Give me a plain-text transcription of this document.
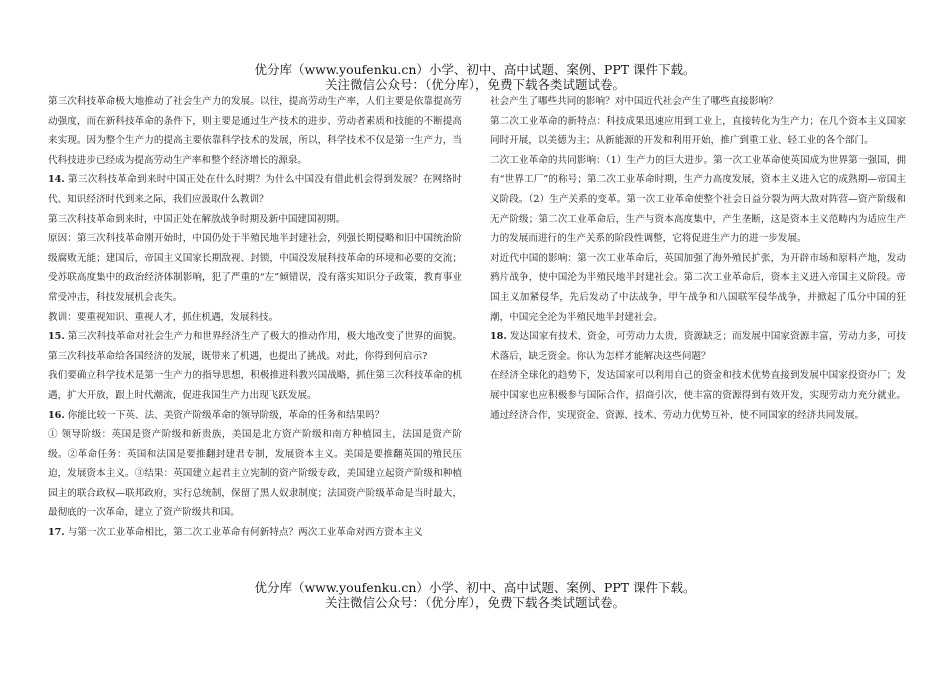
优分库（www.youfenku.cn）小学、初中、高中试题、案例、PPT 课件下载。
关注微信公众号：（优分库），免费下载各类试题试卷。

第三次科技革命极大地推动了社会生产力的发展。以往，提高劳动生产率，人们主要是依靠提高劳动强度，而在新科技革命的条件下，则主要是通过生产技术的进步、劳动者素质和技能的不断提高来实现。因为整个生产力的提高主要依靠科学技术的发展，所以，科学技术不仅是第一生产力，当代科技进步已经成为提高劳动生产率和整个经济增长的源泉。

14. 第三次科技革命到来时中国正处在什么时期？为什么中国没有借此机会得到发展？在网络时代、知识经济时代到来之际，我们应汲取什么教训？

第三次科技革命到来时，中国正处在解放战争时期及新中国建国初期。

原因：第三次科技革命刚开始时，中国仍处于半殖民地半封建社会，列强长期侵略和旧中国统治阶级腐败无能；建国后，帝国主义国家长期敌视、封锁，中国没发展科技革命的环境和必要的交流；受苏联高度集中的政治经济体制影响，犯了严重的“左”倾错误，没有落实知识分子政策，教育事业常受冲击，科技发展机会丧失。

教训：要重视知识、重视人才，抓住机遇，发展科技。

15. 第三次科技革命对社会生产力和世界经济生产了极大的推动作用，极大地改变了世界的面貌。第三次科技革命给各国经济的发展，既带来了机遇，也提出了挑战。对此，你得到何启示?

我们要确立科学技术是第一生产力的指导思想，积极推进科教兴国战略，抓住第三次科技革命的机遇，扩大开放，跟上时代潮流，促进我国生产力出现飞跃发展。

16. 你能比较一下英、法、美资产阶级革命的领导阶级，革命的任务和结果吗？

① 领导阶级：英国是资产阶级和新贵族，美国是北方资产阶级和南方种植园主，法国是资产阶级。②革命任务：英国和法国是要推翻封建君专制，发展资本主义。美国是要推翻英国的殖民压迫，发展资本主义。③结果：英国建立起君主立宪制的资产阶级专政，美国建立起资产阶级和种植园主的联合政权—联邦政府，实行总统制，保留了黑人奴隶制度；法国资产阶级革命是当时最大，最彻底的一次革命，建立了资产阶级共和国。

17. 与第一次工业革命相比，第二次工业革命有何新特点？两次工业革命对西方资本主义

社会产生了哪些共同的影响？对中国近代社会产生了哪些直接影响？

第二次工业革命的新特点：科技成果迅速应用到工业上，直接转化为生产力；在几个资本主义国家同时开展，以美德为主；从新能源的开发和利用开始，推广到重工业、轻工业的各个部门。

二次工业革命的共同影响：（1）生产力的巨大进步。第一次工业革命使英国成为世界第一强国，拥有“世界工厂”的称号；第二次工业革命时期，生产力高度发展，资本主义进入它的成熟期—帝国主义阶段。（2）生产关系的变革。第一次工业革命使整个社会日益分裂为两大敌对阵营—资产阶级和无产阶级；第二次工业革命后，生产与资本高度集中，产生垄断，这是资本主义范畴内为适应生产力的发展而进行的生产关系的阶段性调整，它将促进生产力的进一步发展。

对近代中国的影响：第一次工业革命后，英国加强了海外殖民扩张，为开辟市场和原料产地，发动鸦片战争，使中国沦为半殖民地半封建社会。第二次工业革命后，资本主义进入帝国主义阶段。帝国主义加紧侵华，先后发动了中法战争，甲午战争和八国联军侵华战争，并掀起了瓜分中国的狂潮，中国完全沦为半殖民地半封建社会。

18. 发达国家有技术、资金，可劳动力太贵，资源缺乏；而发展中国家资源丰富，劳动力多，可技术落后，缺乏资金。你认为怎样才能解决这些问题？

在经济全球化的趋势下，发达国家可以利用自己的资金和技术优势直接到发展中国家投资办厂；发展中国家也应积极参与国际合作，招商引次，使丰富的资源得到有效开发，实现劳动力充分就业。通过经济合作，实现资金、资源、技术、劳动力优势互补，使不同国家的经济共同发展。

优分库（www.youfenku.cn）小学、初中、高中试题、案例、PPT 课件下载。
关注微信公众号：（优分库），免费下载各类试题试卷。
